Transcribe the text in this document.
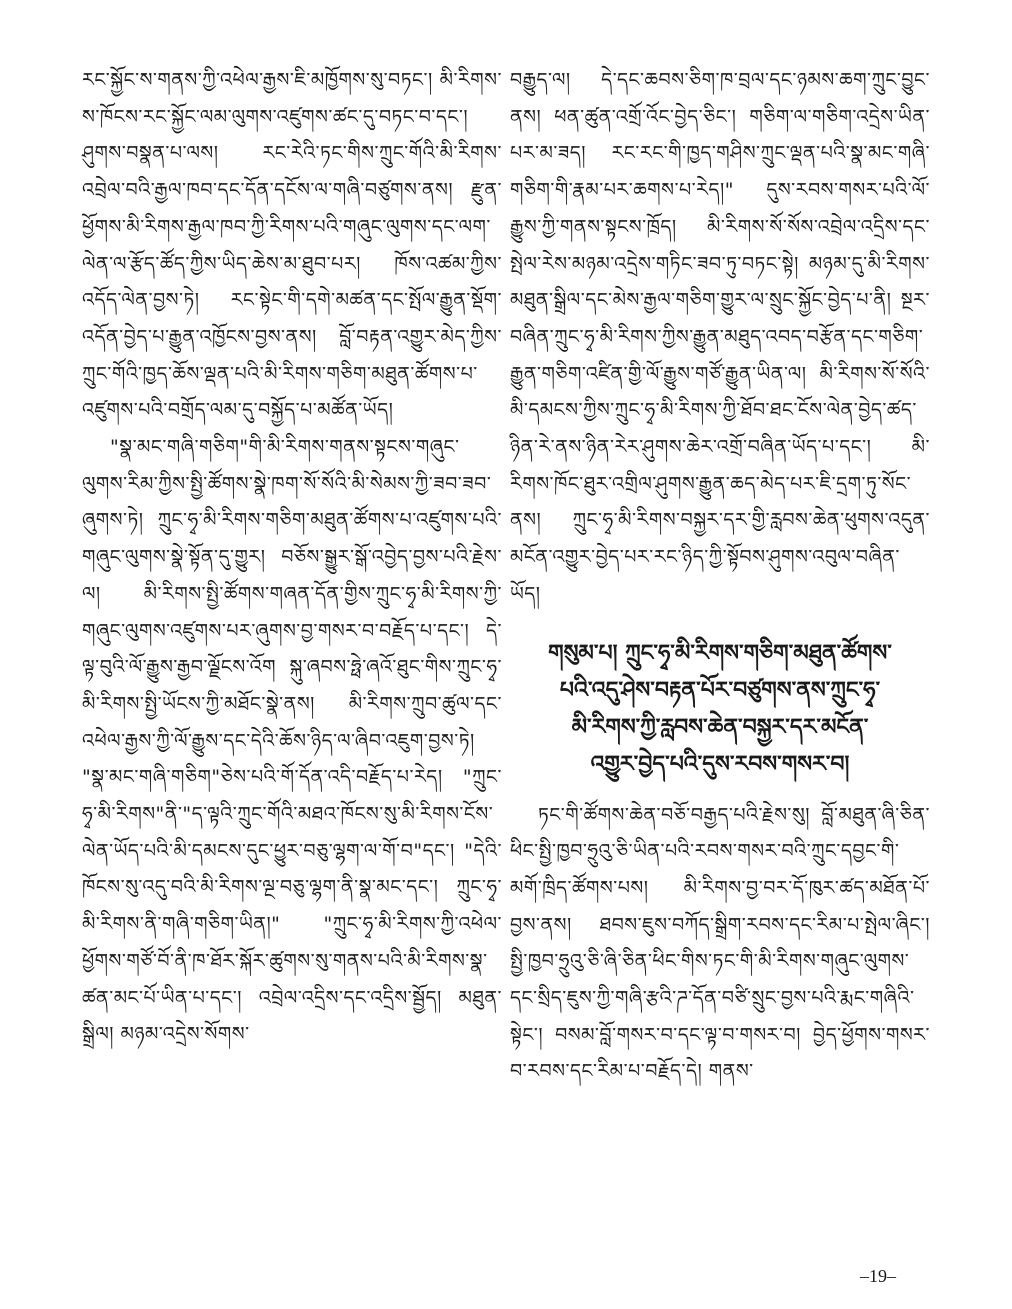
རང་སྐྱོང་ས་གནས་ཀྱི་འཕེལ་རྒྱས་ཇི་མཁྱོགས་སུ་བཏང་། མི་རིགས་ས་ཁོངས་རང་སྐྱོང་ལམ་ལུགས་འཛུགས་ཚང་དུ་བཏང་བ་དང་། ཤུགས་བསྣན་པ་ལས། རང་རེའི་ཏང་གིས་ཀྲུང་གོའི་མི་རིགས་འབྲེལ་བའི་རྒྱལ་ཁབ་དང་དོན་དངོས་ལ་གཞི་བཙུགས་ནས། རྫུན་ཕྱོགས་མི་རིགས་རྒྱལ་ཁབ་ཀྱི་རིགས་པའི་གཞུང་ལུགས་དང་ལག་ལེན་ལ་རྩོད་ཚོད་ཀྱིས་ཡིད་ཆེས་མ་ཐུབ་པར། ཁོས་འཚམ་ཀྱིས་འདོད་ལེན་བྱས་ཏེ། རང་སྟེང་གི་དགེ་མཚན་དང་སྤོལ་རྒྱུན་སྡོག་འདོན་བྱེད་པ་རྒྱུན་འཁྱོངས་བྱས་ནས། བློ་བརྟན་འགྱུར་མེད་ཀྱིས་ཀྲུང་གོའི་ཁྱད་ཆོས་ལྡན་པའི་མི་རིགས་གཅིག་མཐུན་ཚོགས་པ་འཛུགས་པའི་བགྲོད་ལམ་དུ་བསྐྱོད་པ་མཚོན་ཡོད།

"སྣ་མང་གཞི་གཅིག"གི་མི་རིགས་གནས་སྟངས་གཞུང་ལུགས་རིམ་ཀྱིས་སྤྱི་ཚོགས་སྣེ་ཁག་སོ་སོའི་མི་སེམས་ཀྱི་ཟབ་ཟབ་ཞུགས་ཏེ། ཀྲུང་ཧྭ་མི་རིགས་གཅིག་མཐུན་ཚོགས་པ་འཛུགས་པའི་གཞུང་ལུགས་སྣེ་སྟོན་དུ་གྱུར། བཅོས་སྒྱུར་སྒོ་འབྱེད་བྱས་པའི་རྗེས་ལ། མི་རིགས་སྤྱི་ཚོགས་གཞན་དོན་གྱིས་ཀྲུང་ཧྭ་མི་རིགས་ཀྱི་གཞུང་ལུགས་འཛུགས་པར་ཞུགས་བྱ་གསར་བ་བརྗོད་པ་དང་། དེ་ལྟ་བུའི་ལོ་རྒྱུས་རྒྱབ་ལྗོངས་འོག སྐུ་ཞབས་ཧྥེ་ཞའོ་ཐུང་གིས་ཀྲུང་ཧྭ་མི་རིགས་སྤྱི་ཡོངས་ཀྱི་མཐོང་སྣེ་ནས། མི་རིགས་ཀྲུབ་ཚུལ་དང་འཕེལ་རྒྱས་ཀྱི་ལོ་རྒྱུས་དང་དེའི་ཆོས་ཉིད་ལ་ཞིབ་འཇུག་བྱས་ཏེ། "སྣ་མང་གཞི་གཅིག"ཅེས་པའི་གོ་དོན་འདི་བརྗོད་པ་རེད། "ཀྲུང་ཧྭ་མི་རིགས"ནི་"ད་ལྟའི་ཀྲུང་གོའི་མཐའ་ཁོངས་སུ་མི་རིགས་ངོས་ལེན་ཡོད་པའི་མི་དམངས་དུང་ཕྱུར་བཅུ་ལྷག་ལ་གོ་བ"དང་། "དེའི་ཁོངས་སུ་འདུ་བའི་མི་རིགས་ལྔ་བཅུ་ལྷག་ནི་སྣ་མང་དང་། ཀྲུང་ཧྭ་མི་རིགས་ནི་གཞི་གཅིག་ཡིན།" "ཀྲུང་ཧྭ་མི་རིགས་ཀྱི་འཕེལ་ཕྱོགས་གཙོ་བོ་ནི་ཁ་ཐོར་སྐོར་ཚུགས་སུ་གནས་པའི་མི་རིགས་སྣ་ཚན་མང་པོ་ཡིན་པ་དང་། འབྲེལ་འདྲིས་དང་འདྲིས་སྦྱོད། མཐུན་སྒྲིལ། མཉམ་འདྲེས་སོགས་

བརྒྱུད་ལ། དེ་དང་ཆབས་ཅིག་ཁ་བྲལ་དང་ཉམས་ཆག་ཀྲུང་བྱུང་ནས། ཕན་ཚུན་འགྲོ་འོང་བྱེད་ཅིང་། གཅིག་ལ་གཅིག་འདྲེས་ཡིན་པར་མ་ཟད། རང་རང་གི་ཁྱད་གཤིས་ཀྲུང་ལྡན་པའི་སྣ་མང་གཞི་གཅིག་གི་རྣམ་པར་ཆགས་པ་རེད།" དུས་རབས་གསར་པའི་ལོ་རྒྱུས་ཀྱི་གནས་སྟངས་ཁྲོད། མི་རིགས་སོ་སོས་འབྲེལ་འདྲིས་དང་སྤེལ་རེས་མཉམ་འདྲེས་གཏིང་ཟབ་ཏུ་བཏང་སྟེ། མཉམ་དུ་མི་རིགས་མཐུན་སྒྲིལ་དང་མེས་རྒྱལ་གཅིག་གྱུར་ལ་སྲུང་སྐྱོང་བྱེད་པ་ནི། སྔར་བཞིན་ཀྲུང་ཧྭ་མི་རིགས་ཀྱིས་རྒྱུན་མཐུད་འབད་བརྩོན་དང་གཅིག་རྒྱུན་གཅིག་འཛིན་གྱི་ལོ་རྒྱུས་གཙོ་རྒྱུན་ཡིན་ལ། མི་རིགས་སོ་སོའི་མི་དམངས་ཀྱིས་ཀྲུང་ཧྭ་མི་རིགས་ཀྱི་ཐོབ་ཐང་ངོས་ལེན་བྱེད་ཚད་ཉིན་རེ་ནས་ཉིན་རེར་ཤུགས་ཆེར་འགྲོ་བཞིན་ཡོད་པ་དང་། མི་རིགས་ཁོང་ཐུར་འགྲིལ་ཤུགས་རྒྱུན་ཆད་མེད་པར་ཇི་དྲག་ཏུ་སོང་ནས། ཀྲུང་ཧྭ་མི་རིགས་བསྐྱར་དར་གྱི་རླབས་ཆེན་ཕུགས་འདུན་མངོན་འགྱུར་བྱེད་པར་རང་ཉིད་ཀྱི་སྟོབས་ཤུགས་འབུལ་བཞིན་ཡོད།

གསུམ་པ། ཀྲུང་ཧྭ་མི་རིགས་གཅིག་མཐུན་ཚོགས་
པའི་འདུ་ཤེས་བརྟན་པོར་བཙུགས་ནས་ཀྲུང་ཧྭ་
མི་རིགས་ཀྱི་རླབས་ཆེན་བསྐྱར་དར་མངོན་
འགྱུར་བྱེད་པའི་དུས་རབས་གསར་བ།

ཏང་གི་ཚོགས་ཆེན་བཅོ་བརྒྱད་པའི་རྗེས་སུ། བློ་མཐུན་ཞི་ཅིན་ཕིང་སྤྱི་ཁྱབ་ཧྲུའུ་ཅི་ཡིན་པའི་རབས་གསར་བའི་ཀྲུང་དབྱང་གི་མགོ་ཁྲིད་ཚོགས་པས། མི་རིགས་བྱ་བར་དོ་ཁུར་ཚད་མཐོན་པོ་བྱས་ནས། ཐབས་ཇུས་བཀོད་སྒྲིག་རབས་དང་རིམ་པ་སྤེལ་ཞིང་། སྤྱི་ཁྱབ་ཧྲུའུ་ཅི་ཞི་ཅིན་ཕིང་གིས་ཏང་གི་མི་རིགས་གཞུང་ལུགས་དང་སྲིད་ཇུས་ཀྱི་གཞི་རྩའི་ཌ་དོན་བཙི་སྲུང་བྱས་པའི་རྨང་གཞིའི་སྟེང་། བསམ་བློ་གསར་བ་དང་ལྟ་བ་གསར་བ། བྱེད་ཕྱོགས་གསར་བ་རབས་དང་རིམ་པ་བརྗོད་དེ། གནས་

–19–
